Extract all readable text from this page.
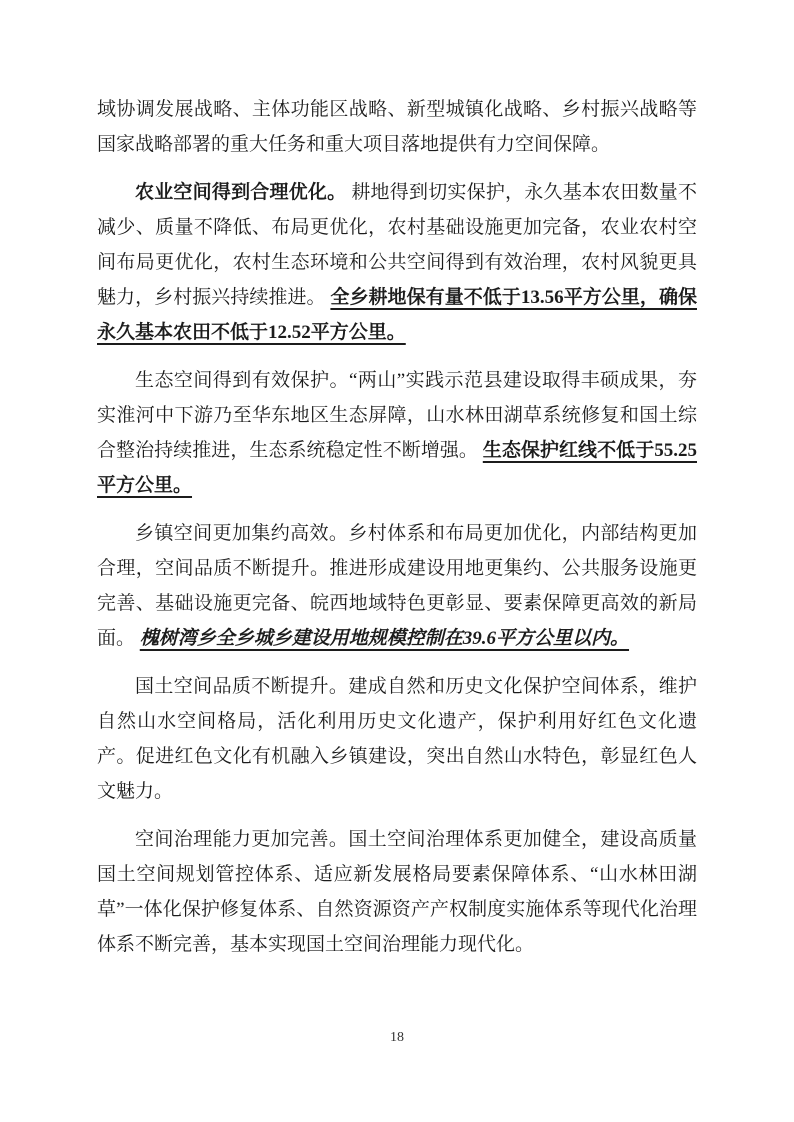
域协调发展战略、主体功能区战略、新型城镇化战略、乡村振兴战略等国家战略部署的重大任务和重大项目落地提供有力空间保障。

农业空间得到合理优化。 耕地得到切实保护，永久基本农田数量不减少、质量不降低、布局更优化，农村基础设施更加完备，农业农村空间布局更优化，农村生态环境和公共空间得到有效治理，农村风貌更具魅力，乡村振兴持续推进。 全乡耕地保有量不低于13.56平方公里，确保永久基本农田不低于12.52平方公里。

生态空间得到有效保护。“两山”实践示范县建设取得丰硕成果，夯实淮河中下游乃至华东地区生态屏障，山水林田湖草系统修复和国土综合整治持续推进，生态系统稳定性不断增强。 生态保护红线不低于55.25平方公里。

乡镇空间更加集约高效。乡村体系和布局更加优化，内部结构更加合理，空间品质不断提升。推进形成建设用地更集约、公共服务设施更完善、基础设施更完备、皖西地域特色更彰显、要素保障更高效的新局面。 槐树湾乡全乡城乡建设用地规模控制在39.6平方公里以内。

国土空间品质不断提升。建成自然和历史文化保护空间体系，维护自然山水空间格局，活化利用历史文化遗产，保护利用好红色文化遗产。促进红色文化有机融入乡镇建设，突出自然山水特色，彰显红色人文魅力。

空间治理能力更加完善。国土空间治理体系更加健全，建设高质量国土空间规划管控体系、适应新发展格局要素保障体系、“山水林田湖草”一体化保护修复体系、自然资源资产产权制度实施体系等现代化治理体系不断完善，基本实现国土空间治理能力现代化。

18
